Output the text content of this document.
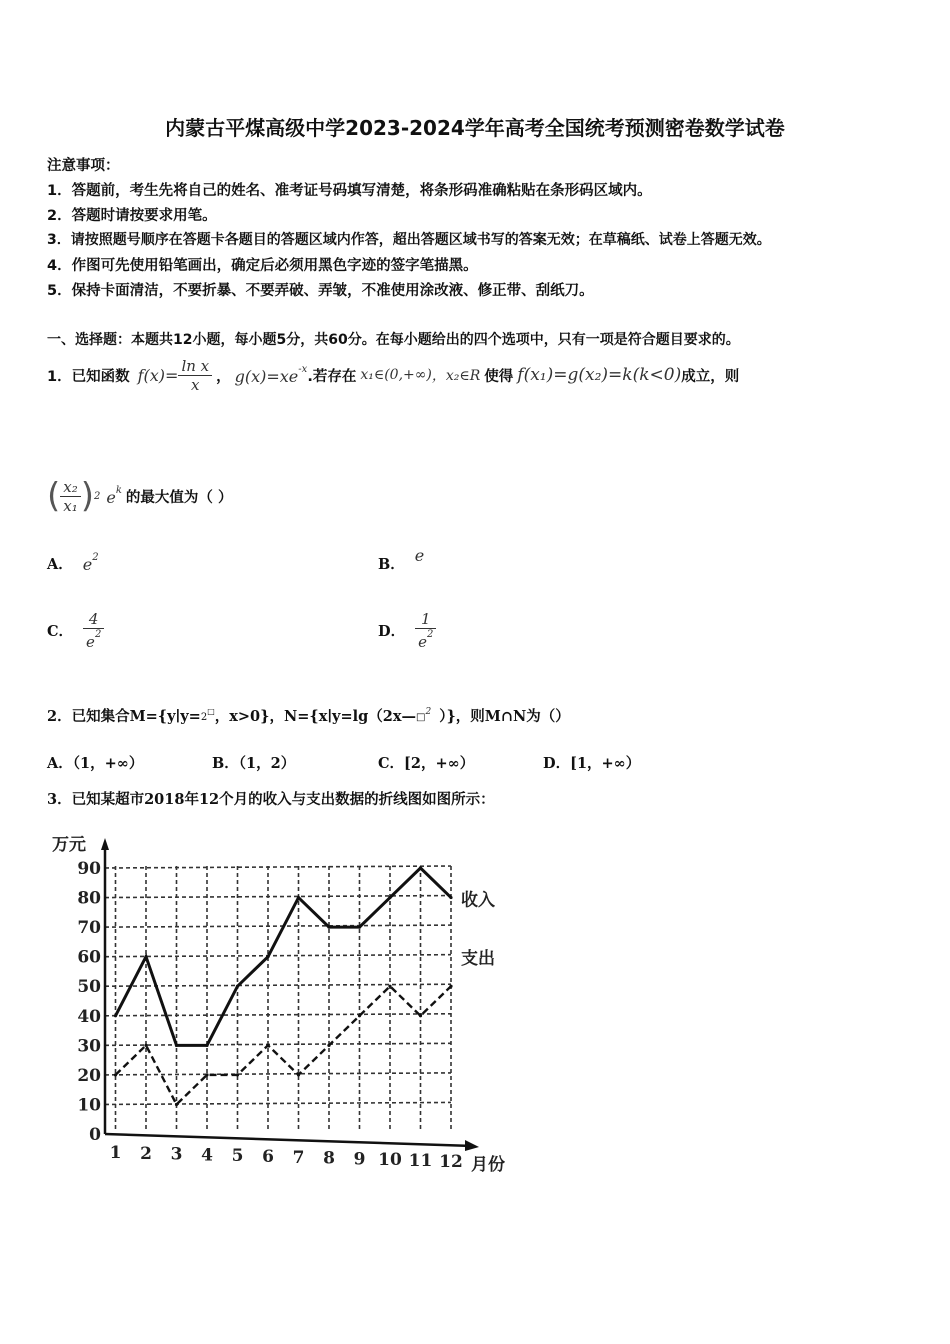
内蒙古平煤高级中学2023-2024学年高考全国统考预测密卷数学试卷
注意事项：
1．答题前，考生先将自己的姓名、准考证号码填写清楚，将条形码准确粘贴在条形码区域内。
2．答题时请按要求用笔。
3．请按照题号顺序在答题卡各题目的答题区域内作答，超出答题区域书写的答案无效；在草稿纸、试卷上答题无效。
4．作图可先使用铅笔画出，确定后必须用黑色字迹的签字笔描黑。
5．保持卡面清洁，不要折暴、不要弄破、弄皱，不准使用涂改液、修正带、刮纸刀。
一、选择题：本题共12小题，每小题5分，共60分。在每小题给出的四个选项中，只有一项是符合题目要求的。
1．已知函数 $f(x)= \frac{\text{ln x}}{x}$ ， $g(x)=xe^{-x}$ .若存在 x₁∈(0,+∞) ，x₂∈R 使得 f(x₁)=g(x₂)=k(k<0) 成立，则
( $\frac{\text{x₂}}{\text{x₁}}$ ) 2 $e^k$ 的最大值为（ ）
A． $e^2$	B． e
C． $\frac{4}{e^2}$	D． $\frac{1}{e^2}$
2．已知集合M={y∣y= 2□ ，x>0}，N={x∣y=lg（2x— □2 ）}，则M∩N为（）
A．（1，+∞）	B．（1，2）	C．[2，+∞）	D．[1，+∞）
3．已知某超市2018年12个月的收入与支出数据的折线图如图所示：
0
10
20
30
40
50
60
70
80
90
1 2 3 4 5 6 7 8 9 10 11 12
万元
月份
收入
支出
